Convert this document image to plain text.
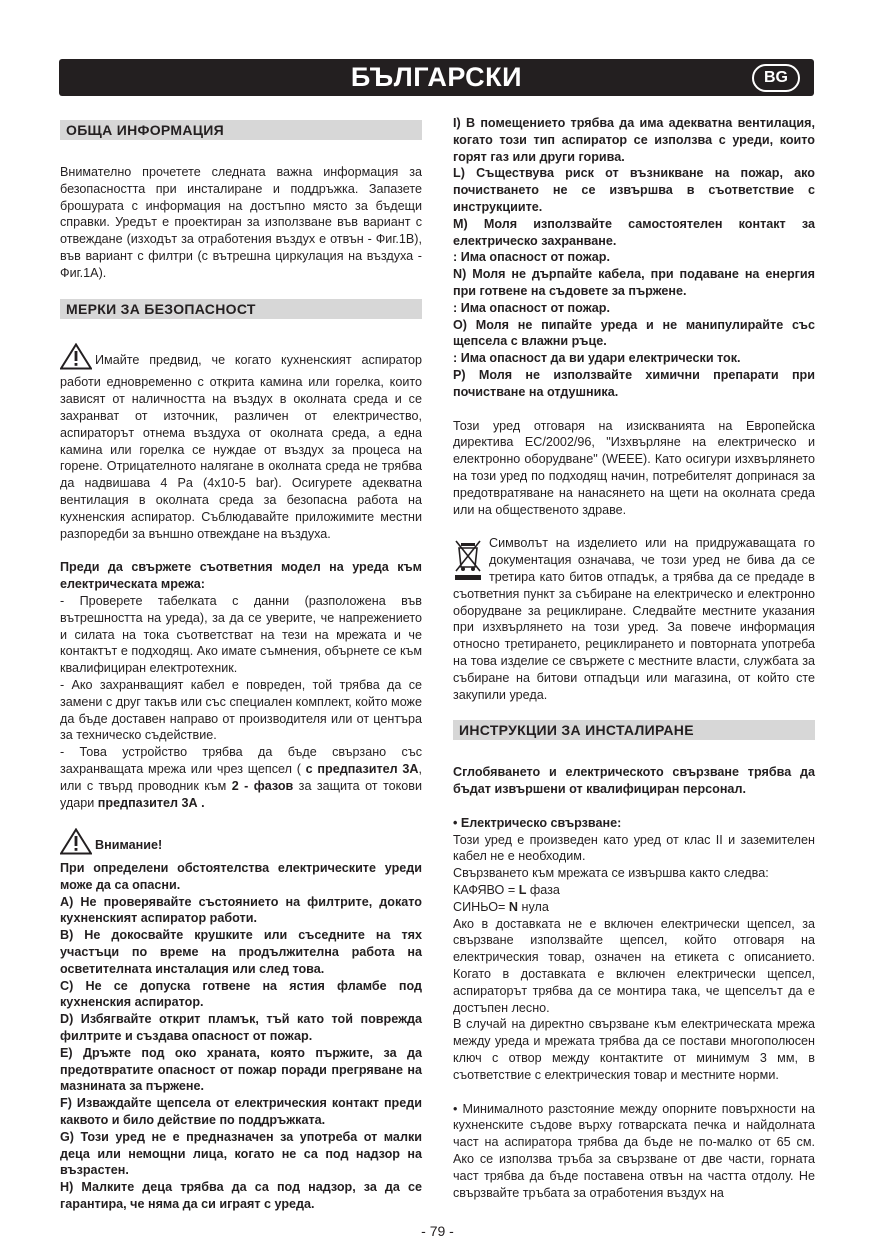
БЪЛГАРСКИ	BG
ОБЩА ИНФОРМАЦИЯ

Внимателно прочетете следната важна информация за безопасността при инсталиране и поддръжка. Запазете брошурата с информация на достъпно място за бъдещи справки. Уредът е проектиран за използване във вариант с отвеждане (изходът за отработения въздух е отвън - Фиг.1B), във вариант с филтри (с вътрешна циркулация на въздуха - Фиг.1A).

МЕРКИ ЗА БЕЗОПАСНОСТ

Имайте предвид, че когато кухненският аспиратор работи едновременно с открита камина или горелка, които зависят от наличността на въздух в околната среда и се захранват от източник, различен от електричество, аспираторът отнема въздуха от околната среда, а една камина или горелка се нуждае от въздух за процеса на горене. Отрицателното налягане в околната среда не трябва да надвишава 4 Pa (4x10-5 bar). Осигурете адекватна вентилация в околната среда за безопасна работа на кухненския аспиратор. Съблюдавайте приложимите местни разпоредби за външно отвеждане на въздуха.

Преди да свържете съответния модел на уреда към електрическата мрежа:

- Проверете табелката с данни (разположена във вътрешността на уреда), за да се уверите, че напрежението и силата на тока съответстват на тези на мрежата и че контактът е подходящ. Ако имате съмнения, обърнете се към квалифициран електротехник.

- Ако захранващият кабел е повреден, той трябва да се замени с друг такъв или със специален комплект, който може да бъде доставен направо от производителя или от центъра за техническо съдействие.

- Това устройство трябва да бъде свързано със захранващата мрежа или чрез щепсел ( с предпазител 3А, или с твърд проводник към 2 - фазов за защита от токови удари предпазител 3А .

Внимание!

При определени обстоятелства електрическите уреди може да са опасни.

A) Не проверявайте състоянието на филтрите, докато кухненският аспиратор работи.

B) Не докосвайте крушките или съседните на тях участъци по време на продължителна работа на осветителната инсталация или след това.

C) Не се допуска готвене на ястия фламбе под кухненския аспиратор.

D) Избягвайте открит пламък, тъй като той поврежда филтрите и създава опасност от пожар.

E) Дръжте под око храната, която пържите, за да предотвратите опасност от пожар поради прегряване на мазнината за пържене.

F) Изваждайте щепсела от електрическия контакт преди каквото и било действие по поддръжката.

G) Този уред не е предназначен за употреба от малки деца или немощни лица, когато не са под надзор на възрастен.

H) Малките деца трябва да са под надзор, за да се гарантира, че няма да си играят с уреда.

I) В помещението трябва да има адекватна вентилация, когато този тип аспиратор се използва с уреди, които горят газ или други горива.

L) Съществува риск от възникване на пожар, ако почистването не се извършва в съответствие с инструкциите.

M) Моля използвайте самостоятелен контакт за електрическо захранване.

: Има опасност от пожар.

N) Моля не дърпайте кабела, при подаване на енергия при готвене на съдовете за пържене.

: Има опасност от пожар.

O) Моля не пипайте уреда и не манипулирайте със щепсела с влажни ръце.

: Има опасност да ви удари електрически ток.

P) Моля не използвайте химични препарати при почистване на отдушника.

Този уред отговаря на изискванията на Европейска директива ЕС/2002/96, "Изхвърляне на електрическо и електронно оборудване" (WEEE). Като осигури изхвърлянето на този уред по подходящ начин, потребителят допринася за предотвратяване на нанасянето на щети на околната среда или на общественото здраве.

Символът на изделието или на придружаващата го документация означава, че този уред не бива да се третира като битов отпадък, а трябва да се предаде в съответния пункт за събиране на електрическо и електронно оборудване за рециклиране. Следвайте местните указания при изхвърлянето на този уред. За повече информация относно третирането, рециклирането и повторната употреба на това изделие се свържете с местните власти, службата за събиране на битови отпадъци или магазина, от който сте закупили уреда.

ИНСТРУКЦИИ ЗА ИНСТАЛИРАНЕ

Сглобяването и електрическото свързване трябва да бъдат извършени от квалифициран персонал.

• Електрическо свързване:

Този уред е произведен като уред от клас II и заземителен кабел не е необходим.

Свързването към мрежата се извършва както следва:

КАФЯВО = L фаза

СИНЬО= N нула

Ако в доставката не е включен електрически щепсел, за свързване използвайте щепсел, който отговаря на електрическия товар, означен на етикета с описанието. Когато в доставката е включен електрически щепсел, аспираторът трябва да се монтира така, че щепселът да е достъпен лесно.

В случай на директно свързване към електрическата мрежа между уреда и мрежата трябва да се постави многополюсен ключ с отвор между контактите от минимум 3 мм, в съответствие с електрическия товар и местните норми.

• Минималното разстояние между опорните повърхности на кухненските съдове върху готварската печка и найдолната част на аспиратора трябва да бъде не по-малко от 65 см. Ако се използва тръба за свързване от две части, горната част трябва да бъде поставена отвън на частта отдолу. Не свързвайте тръбата за отработения въздух на

- 79 -
